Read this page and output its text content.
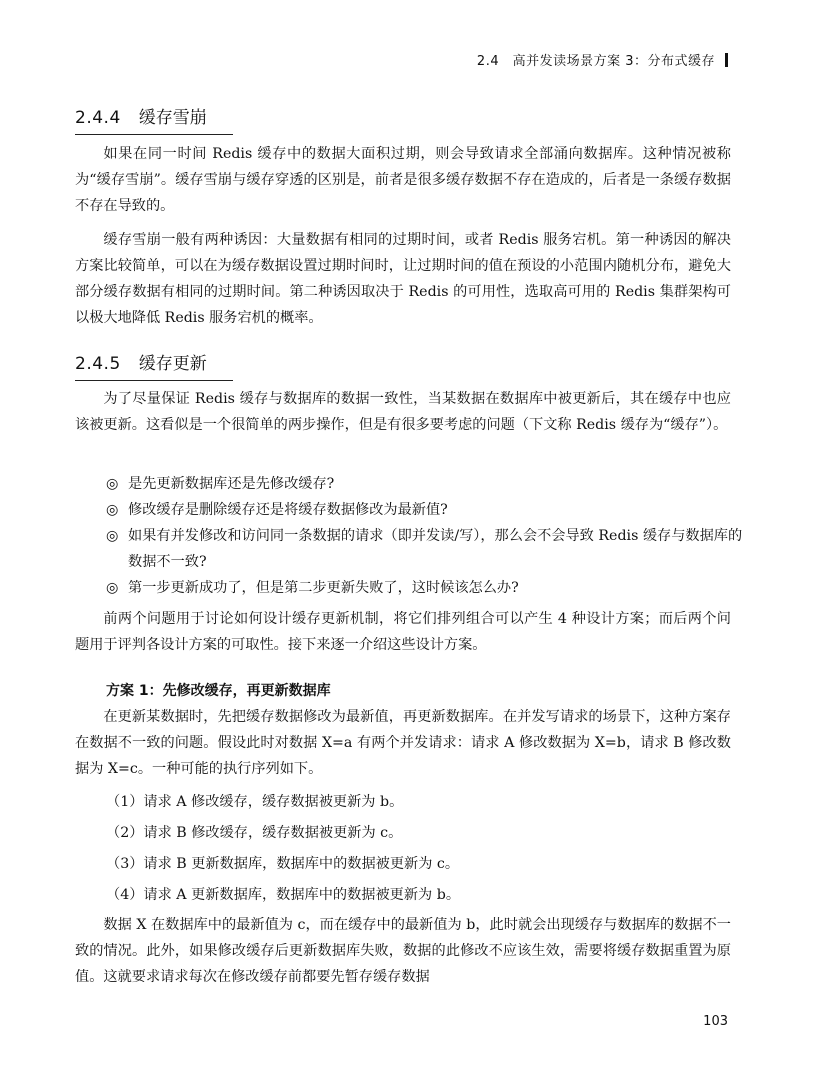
2.4　高并发读场景方案 3：分布式缓存
2.4.4 缓存雪崩

如果在同一时间 Redis 缓存中的数据大面积过期，则会导致请求全部涌向数据库。这种情况被称为“缓存雪崩”。缓存雪崩与缓存穿透的区别是，前者是很多缓存数据不存在造成的，后者是一条缓存数据不存在导致的。

缓存雪崩一般有两种诱因：大量数据有相同的过期时间，或者 Redis 服务宕机。第一种诱因的解决方案比较简单，可以在为缓存数据设置过期时间时，让过期时间的值在预设的小范围内随机分布，避免大部分缓存数据有相同的过期时间。第二种诱因取决于 Redis 的可用性，选取高可用的 Redis 集群架构可以极大地降低 Redis 服务宕机的概率。

2.4.5 缓存更新

为了尽量保证 Redis 缓存与数据库的数据一致性，当某数据在数据库中被更新后，其在缓存中也应该被更新。这看似是一个很简单的两步操作，但是有很多要考虑的问题（下文称 Redis 缓存为“缓存”）。

◎ 是先更新数据库还是先修改缓存?
◎ 修改缓存是删除缓存还是将缓存数据修改为最新值?
◎ 如果有并发修改和访问同一条数据的请求（即并发读/写），那么会不会导致 Redis 缓存与数据库的数据不一致?
◎ 第一步更新成功了，但是第二步更新失败了，这时候该怎么办?

前两个问题用于讨论如何设计缓存更新机制，将它们排列组合可以产生 4 种设计方案；而后两个问题用于评判各设计方案的可取性。接下来逐一介绍这些设计方案。

方案 1：先修改缓存，再更新数据库

在更新某数据时，先把缓存数据修改为最新值，再更新数据库。在并发写请求的场景下，这种方案存在数据不一致的问题。假设此时对数据 X=a 有两个并发请求：请求 A 修改数据为 X=b，请求 B 修改数据为 X=c。一种可能的执行序列如下。

（1）请求 A 修改缓存，缓存数据被更新为 b。
（2）请求 B 修改缓存，缓存数据被更新为 c。
（3）请求 B 更新数据库，数据库中的数据被更新为 c。
（4）请求 A 更新数据库，数据库中的数据被更新为 b。

数据 X 在数据库中的最新值为 c，而在缓存中的最新值为 b，此时就会出现缓存与数据库的数据不一致的情况。此外，如果修改缓存后更新数据库失败，数据的此修改不应该生效，需要将缓存数据重置为原值。这就要求请求每次在修改缓存前都要先暂存缓存数据

103
